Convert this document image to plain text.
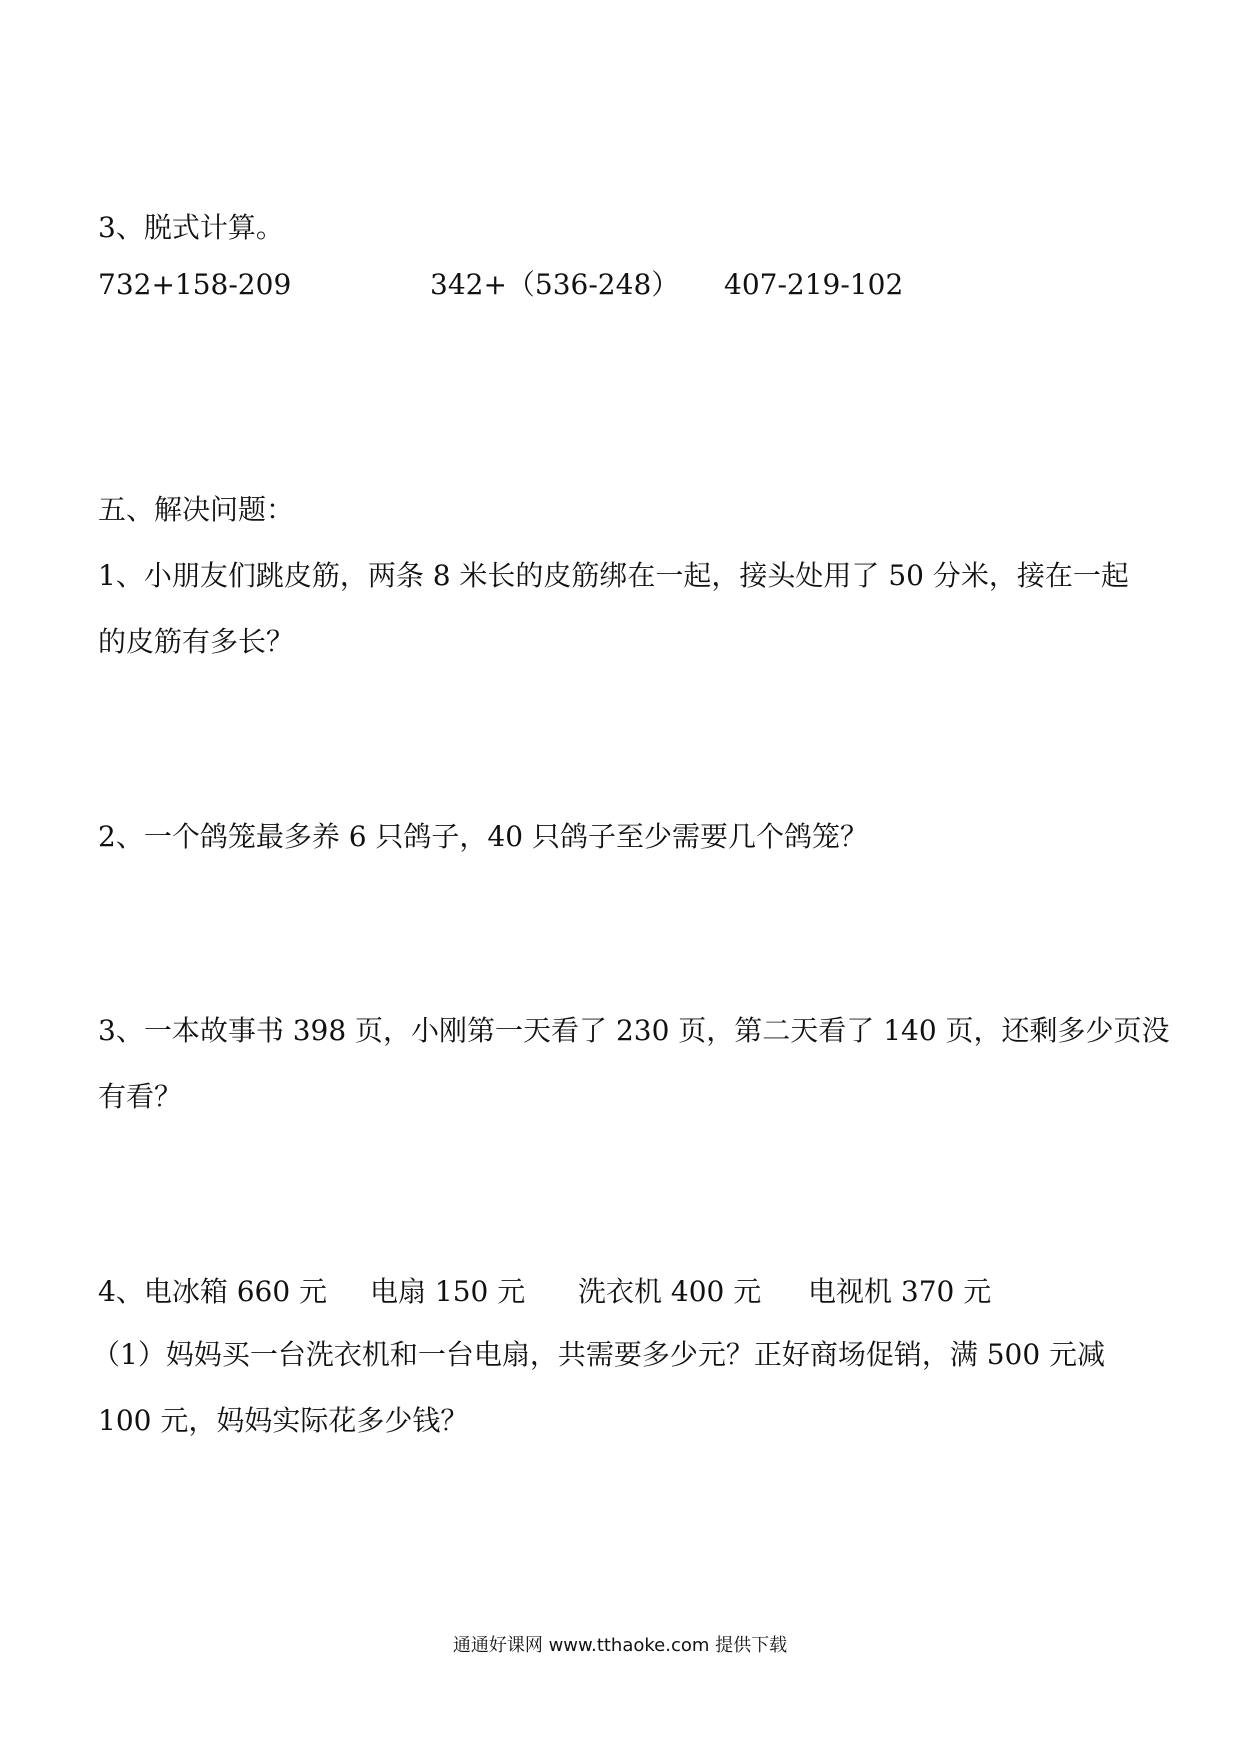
3、脱式计算。

732+158-209	342+（536-248） 407-219-102

五、解决问题：

1、小朋友们跳皮筋，两条 8 米长的皮筋绑在一起，接头处用了 50 分米，接在一起

的皮筋有多长？

2、一个鸽笼最多养 6 只鸽子，40 只鸽子至少需要几个鸽笼？

3、一本故事书 398 页，小刚第一天看了 230 页，第二天看了 140 页，还剩多少页没

有看？

4、电冰箱 660 元 电扇 150 元 洗衣机 400 元 电视机 370 元

（1）妈妈买一台洗衣机和一台电扇，共需要多少元？正好商场促销，满 500 元减

100 元，妈妈实际花多少钱？

通通好课网 www.tthaoke.com 提供下载
